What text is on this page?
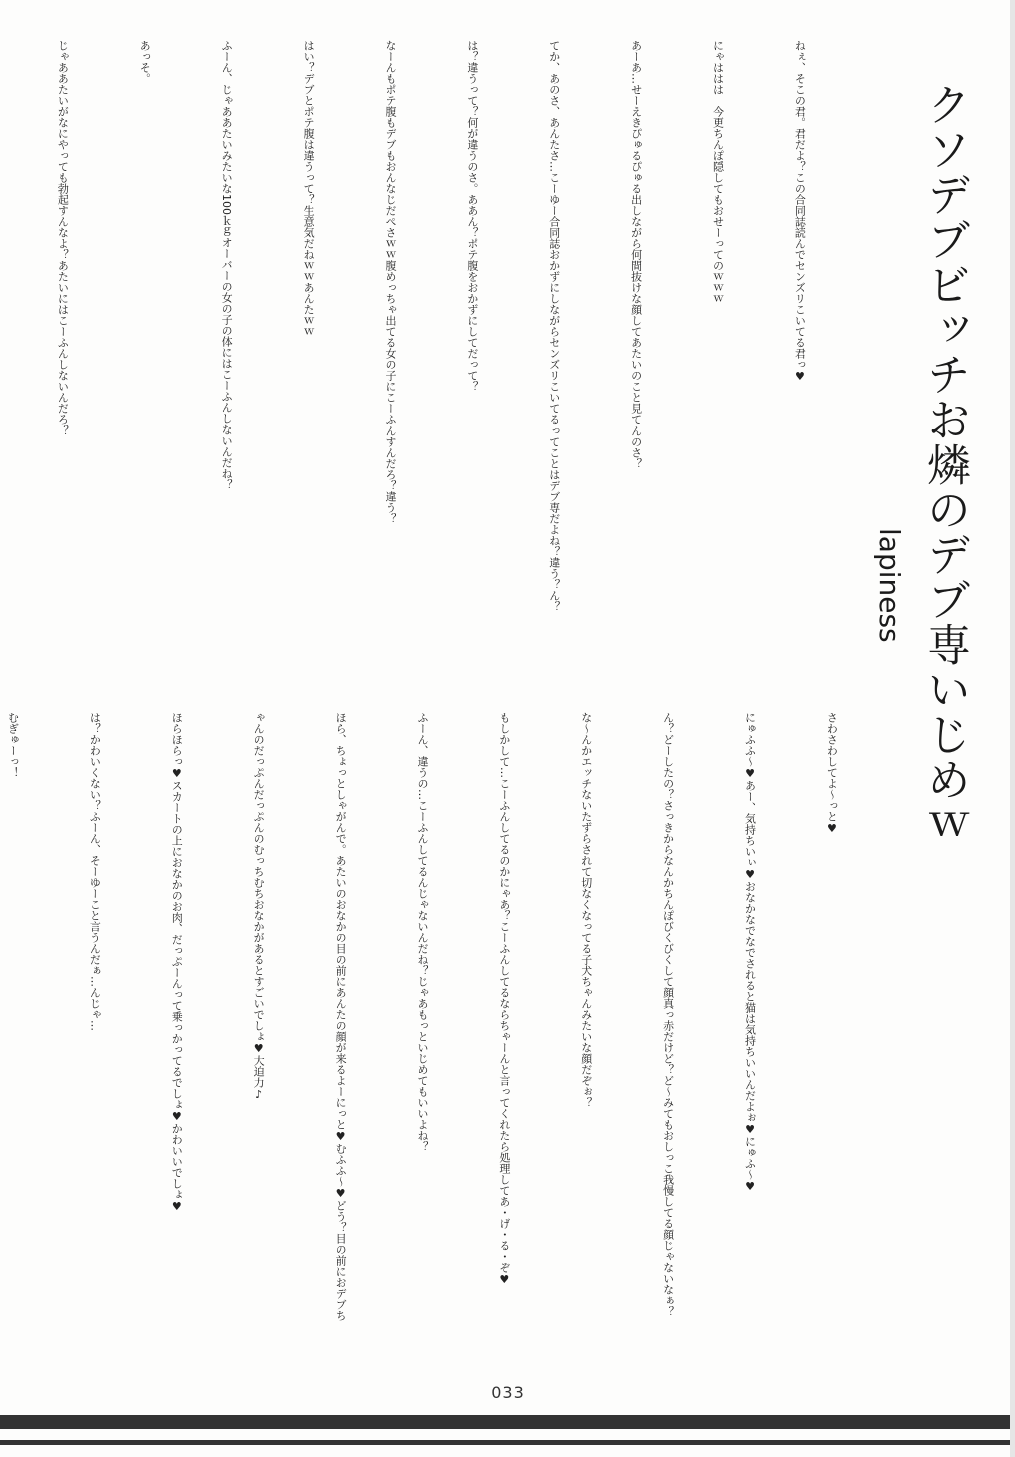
クソデブビッチお燐のデブ専いじめｗ
lapiness

ねぇ、そこの君。君だよ？この合同誌読んでセンズリこいてる君っ♥

にゃははは　今更ちんぽ隠してもおせーってのｗｗｗ

あーあ…せーえきぴゅるぴゅる出しながら何間抜けな顔してあたいのこと見てんのさ？

てか、あのさ、あんたさ…こーゆー合同誌おかずにしながらセンズリこいてるってことはデブ専だよね？違う？ん？

は？違うって？何が違うのさ。ああん？ポテ腹をおかずにしてだって？

なーんもポテ腹もデブもおんなじだぺさｗｗ腹めっちゃ出てる女の子にこーふんすんだろ？違う？

はい？デブとポテ腹は違うって？生意気だねｗｗあんたｗｗ

ふーん、じゃああたいみたいな100ｋｇオーバーの女の子の体にはこーふんしないんだね？

あっそ。

じゃああたいがなにやっても勃起すんなよ？あたいにはこーふんしないんだろ？

さわさわしてよ～っと♥

にゅふふ～♥あー、気持ちいぃ♥おなかなでなでされると猫は気持ちいいんだよぉ♥にゅふ～♥

ん？どーしたの？さっきからなんかちんぽびくびくして顔真っ赤だけど？ど～みてもおしっこ我慢してる顔じゃないなぁ？

な～んかエッチないたずらされて切なくなってる子犬ちゃんみたいな顔だぞぉ？

もしかして…こーふんしてるのかにゃあ？こーふんしてるならちゃーんと言ってくれたら処理してあ・げ・る・ぞ♥

ふーん、違うの…こーふんしてるんじゃないんだね？じゃあもっといじめてもいいよね？

ほら、ちょっとしゃがんで。あたいのおなかの目の前にあんたの顔が来るよーにっと♥むふふ～♥どう？目の前におデブち

ゃんのだっぷんだっぷんのむっちむちおなかがあるとすごいでしょ♥大迫力♪

ほらほらっ♥スカートの上におなかのお肉、だっぷーんって乗っかってるでしょ♥かわいいでしょ♥

は？かわいくない？ふーん、そーゆーこと言うんだぁ…んじゃ…

むぎゅーっ！

033
